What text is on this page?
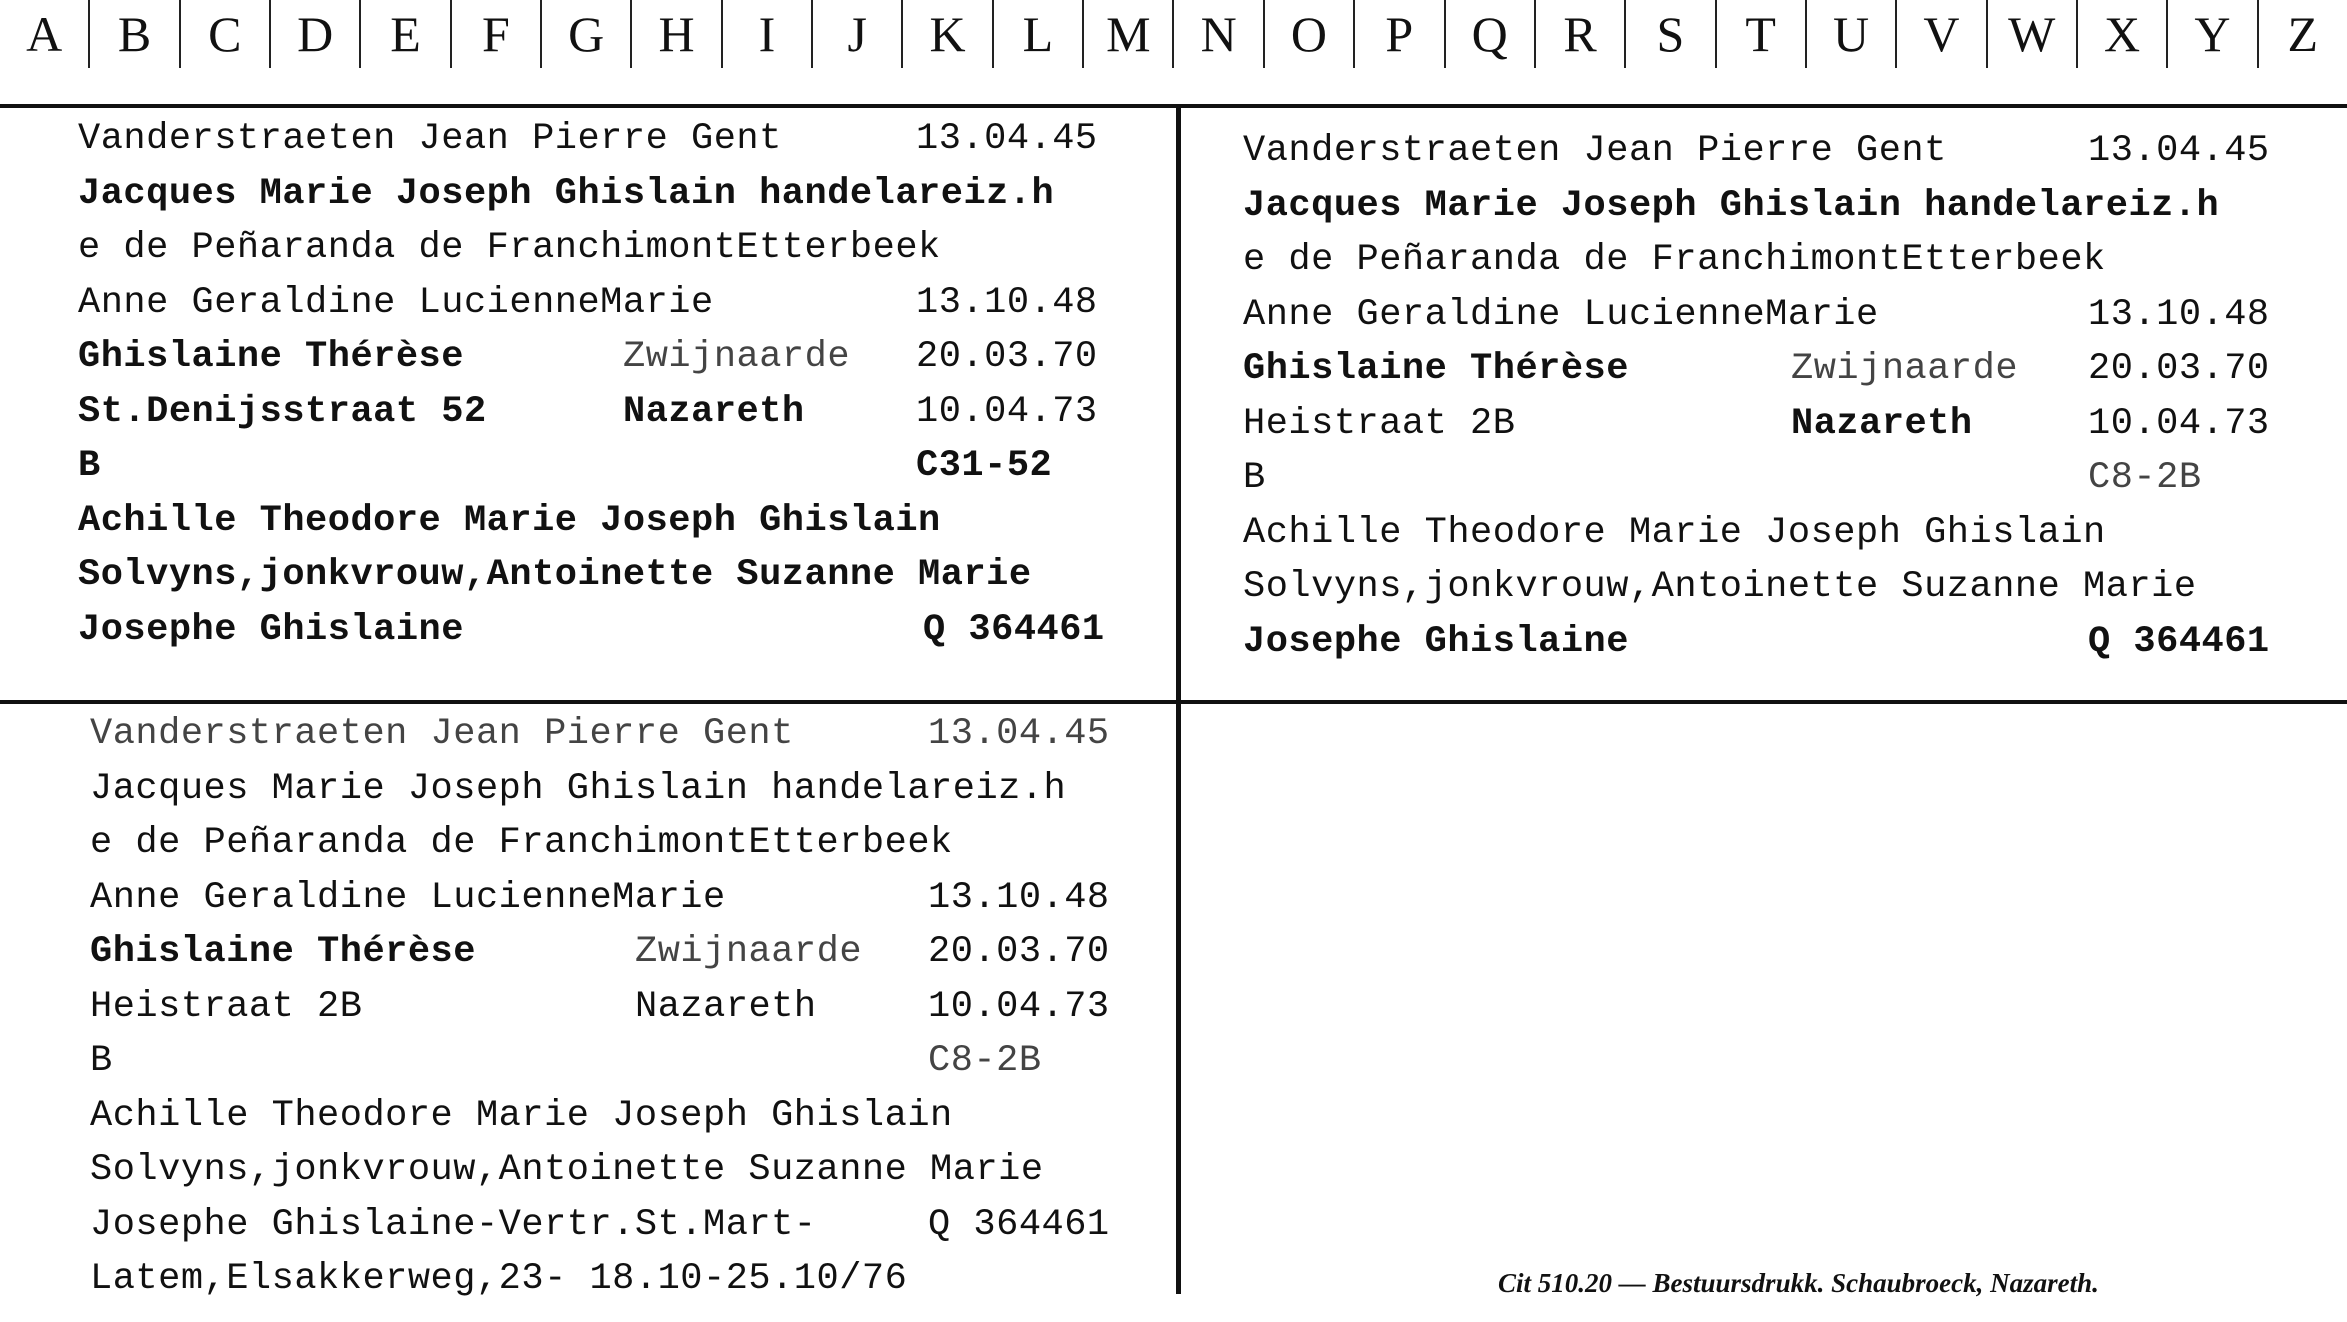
A	B	C	D	E	F	G	H	I	J	K	L	M	N	O	P	Q	R	S	T	U	V W X	Y	Z
Vanderstraeten Jean Pierre Gent	13.04.45
Jacques Marie Joseph Ghislain handelareiz.h
e de Peñaranda de FranchimontEtterbeek
Anne Geraldine LucienneMarie	13.10.48
Ghislaine Thérèse	Zwijnaarde 20.03.70
St.Denijsstraat 52	Nazareth	10.04.73
B	C31-52
Achille Theodore Marie Joseph Ghislain
Solvyns,jonkvrouw,Antoinette Suzanne Marie
Josephe Ghislaine	Q 364461
Vanderstraeten Jean Pierre Gent	13.04.45
Jacques Marie Joseph Ghislain handelareiz.h
e de Peñaranda de FranchimontEtterbeek
Anne Geraldine LucienneMarie	13.10.48
Ghislaine Thérèse	Zwijnaarde 20.03.70
Heistraat 2B	Nazareth	10.04.73
B	C8-2B
Achille Theodore Marie Joseph Ghislain
Solvyns,jonkvrouw,Antoinette Suzanne Marie
Josephe Ghislaine	Q 364461
Vanderstraeten Jean Pierre Gent	13.04.45
Jacques Marie Joseph Ghislain handelareiz.h
e de Peñaranda de FranchimontEtterbeek
Anne Geraldine LucienneMarie	13.10.48
Ghislaine Thérèse	Zwijnaarde 20.03.70
Heistraat 2B	Nazareth	10.04.73
B	C8-2B
Achille Theodore Marie Joseph Ghislain
Solvyns,jonkvrouw,Antoinette Suzanne Marie
Josephe Ghislaine-Vertr.St.Mart-	Q 364461
Latem,Elsakkerweg,23- 18.10-25.10/76	Cit 510.20 — Bestuursdrukk. Schaubroeck, Nazareth.
